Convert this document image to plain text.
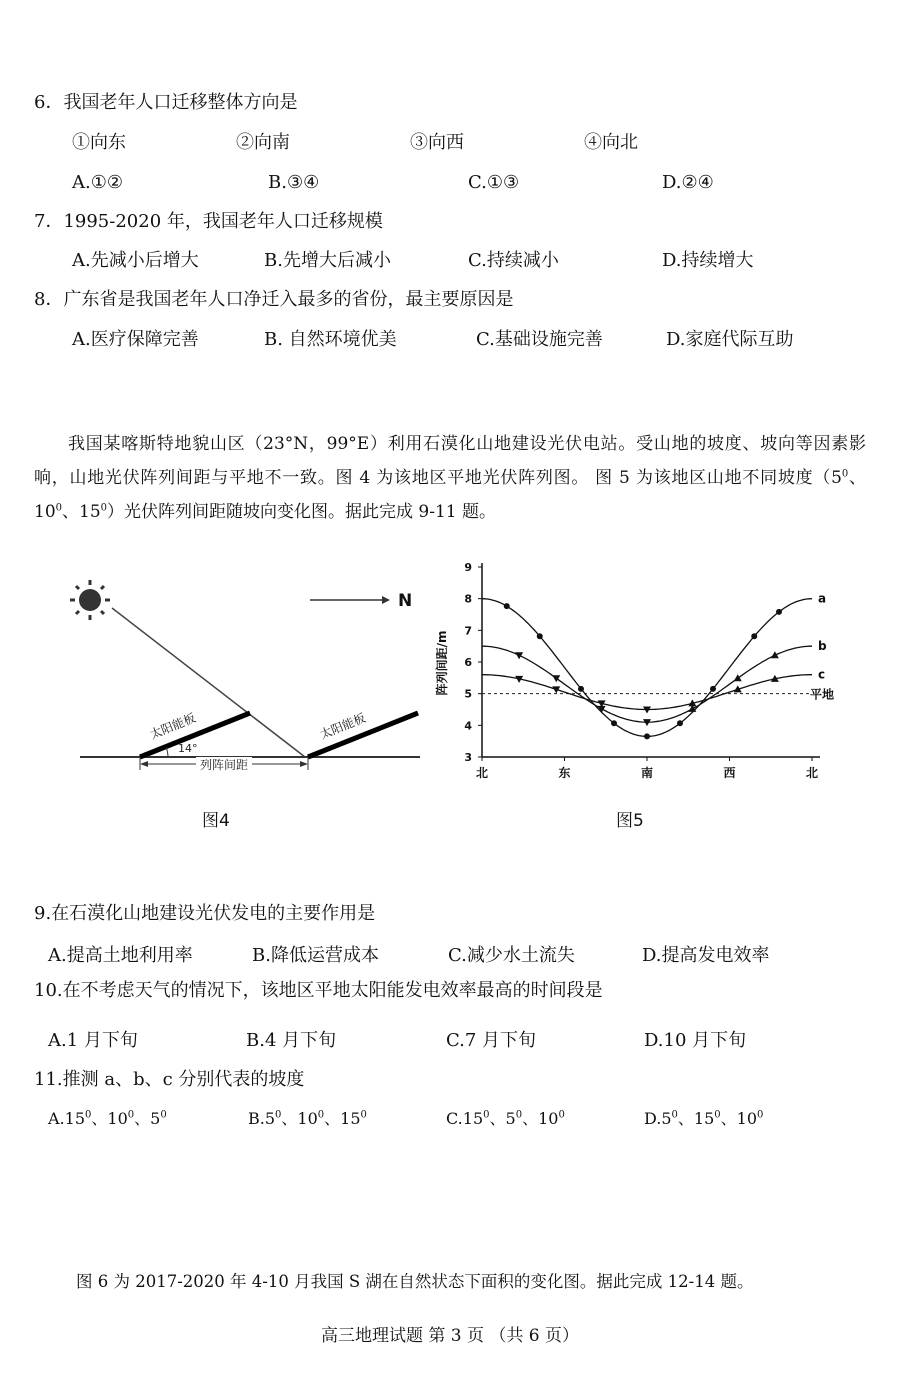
6．我国老年人口迁移整体方向是
①向东	②向南	③向西	④向北
A.①②	B.③④	C.①③	D.②④
7．1995-2020 年，我国老年人口迁移规模
A.先减小后增大	B.先增大后减小	C.持续减小	D.持续增大
8．广东省是我国老年人口净迁入最多的省份，最主要原因是
A.医疗保障完善	B. 自然环境优美	C.基础设施完善	D.家庭代际互助
我国某喀斯特地貌山区（23°N，99°E）利用石漠化山地建设光伏电站。受山地的坡度、坡向等因素影响，山地光伏阵列间距与平地不一致。图 4 为该地区平地光伏阵列图。 图 5 为该地区山地不同坡度（$5^0$、$10^0$、$15^0$）光伏阵列间距随坡向变化图。据此完成 9-11 题。
N
太阳能板	太阳能板
14°
列阵间距
图4
3
4
5
6
7
8
9
北	东	南	西	北
平地
a
b
c
阵列间距/m
图5
9.在石漠化山地建设光伏发电的主要作用是
A.提高土地利用率	B.降低运营成本	C.减少水土流失	D.提高发电效率
10.在不考虑天气的情况下，该地区平地太阳能发电效率最高的时间段是
A.1 月下旬	B.4 月下旬	C.7 月下旬	D.10 月下旬
11.推测 a、b、c 分别代表的坡度
$A.15^0$、$10^0$、$5^0$	$B.5^0$、$10^0$、$15^0$	$C.15^0$、$5^0$、$10^0$	$D.5^0$、$15^0$、$10^0$
图 6 为 2017-2020 年 4-10 月我国 S 湖在自然状态下面积的变化图。据此完成 12-14 题。
高三地理试题 第 3 页 （共 6 页）
